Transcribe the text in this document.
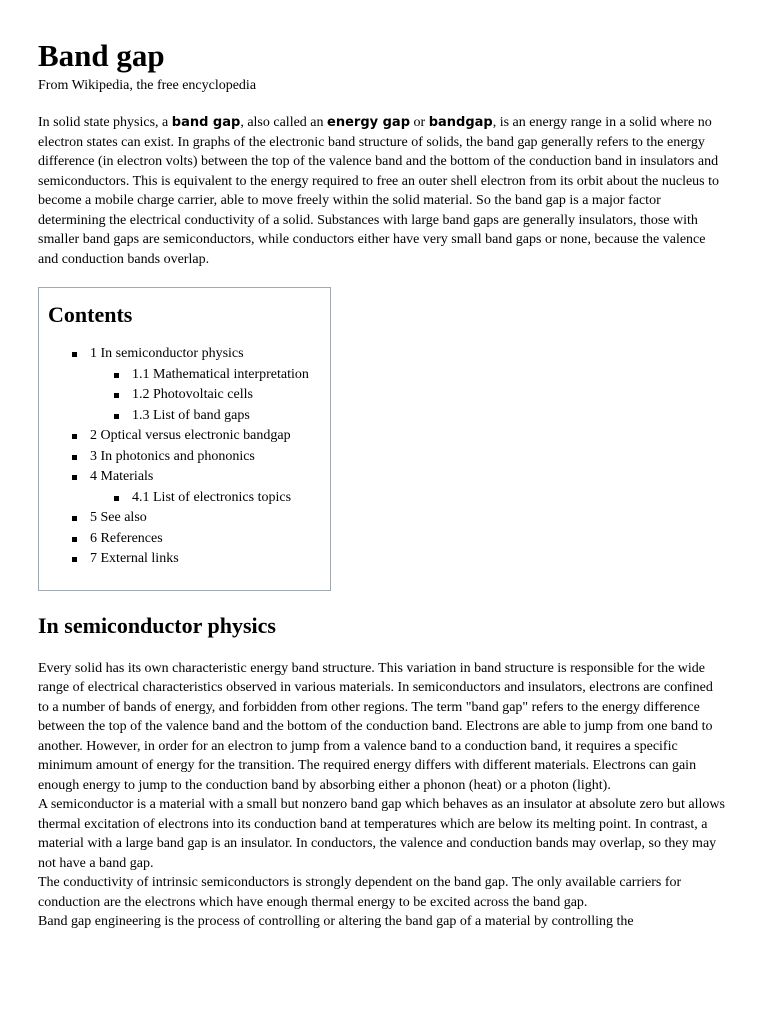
Band gap
From Wikipedia, the free encyclopedia

In solid state physics, a band gap, also called an energy gap or bandgap, is an energy range in a solid where no electron states can exist. In graphs of the electronic band structure of solids, the band gap generally refers to the energy difference (in electron volts) between the top of the valence band and the bottom of the conduction band in insulators and semiconductors. This is equivalent to the energy required to free an outer shell electron from its orbit about the nucleus to become a mobile charge carrier, able to move freely within the solid material. So the band gap is a major factor determining the electrical conductivity of a solid. Substances with large band gaps are generally insulators, those with smaller band gaps are semiconductors, while conductors either have very small band gaps or none, because the valence and conduction bands overlap.

Contents
1 In semiconductor physics
1.1 Mathematical interpretation
1.2 Photovoltaic cells
1.3 List of band gaps
2 Optical versus electronic bandgap
3 In photonics and phononics
4 Materials
4.1 List of electronics topics
5 See also
6 References
7 External links
In semiconductor physics

Every solid has its own characteristic energy band structure. This variation in band structure is responsible for the wide range of electrical characteristics observed in various materials. In semiconductors and insulators, electrons are confined to a number of bands of energy, and forbidden from other regions. The term "band gap" refers to the energy difference between the top of the valence band and the bottom of the conduction band. Electrons are able to jump from one band to another. However, in order for an electron to jump from a valence band to a conduction band, it requires a specific minimum amount of energy for the transition. The required energy differs with different materials. Electrons can gain enough energy to jump to the conduction band by absorbing either a phonon (heat) or a photon (light).

A semiconductor is a material with a small but nonzero band gap which behaves as an insulator at absolute zero but allows thermal excitation of electrons into its conduction band at temperatures which are below its melting point. In contrast, a material with a large band gap is an insulator. In conductors, the valence and conduction bands may overlap, so they may not have a band gap.

The conductivity of intrinsic semiconductors is strongly dependent on the band gap. The only available carriers for conduction are the electrons which have enough thermal energy to be excited across the band gap.

Band gap engineering is the process of controlling or altering the band gap of a material by controlling the
